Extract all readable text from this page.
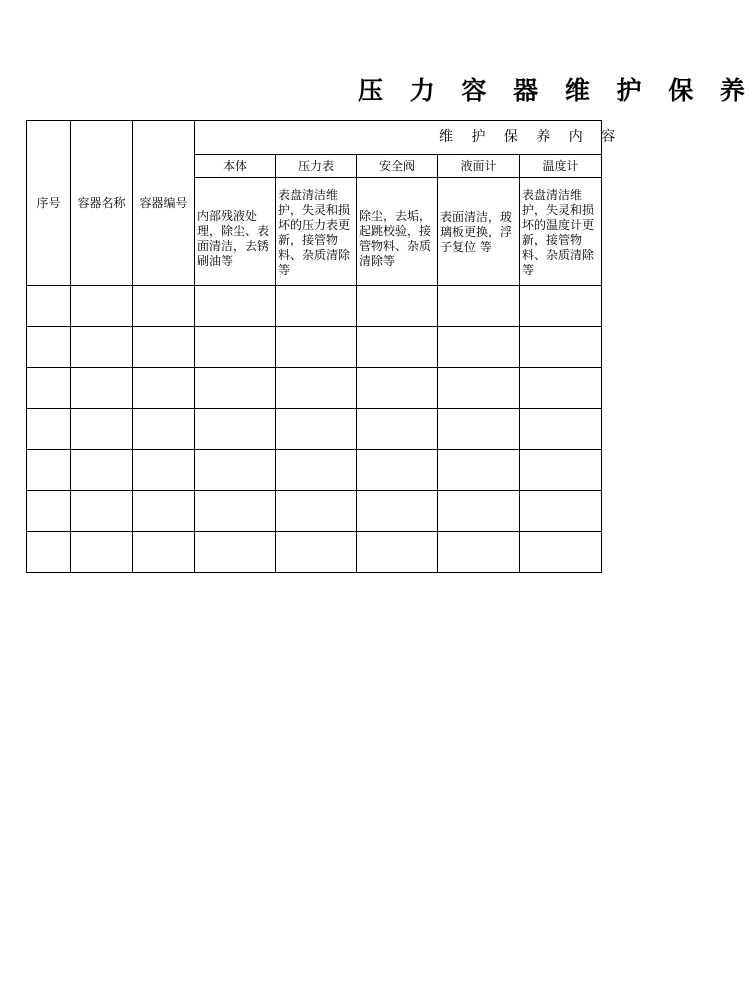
压 力 容 器 维 护 保 养
序号	容器名称	容器编号	维 护 保 养 内 容				
			本体	压力表	安全阀	液面计	温度计

			内部残液处理，除尘、表面清洁，去锈刷油等	表盘清洁维护，失灵和损坏的压力表更新，接管物料、杂质清除等	除尘，去垢，起跳校验，接管物料、杂质清除等	表面清洁，玻璃板更换，浮子复位 等	表盘清洁维护，失灵和损坏的温度计更新，接管物料、杂质清除等
